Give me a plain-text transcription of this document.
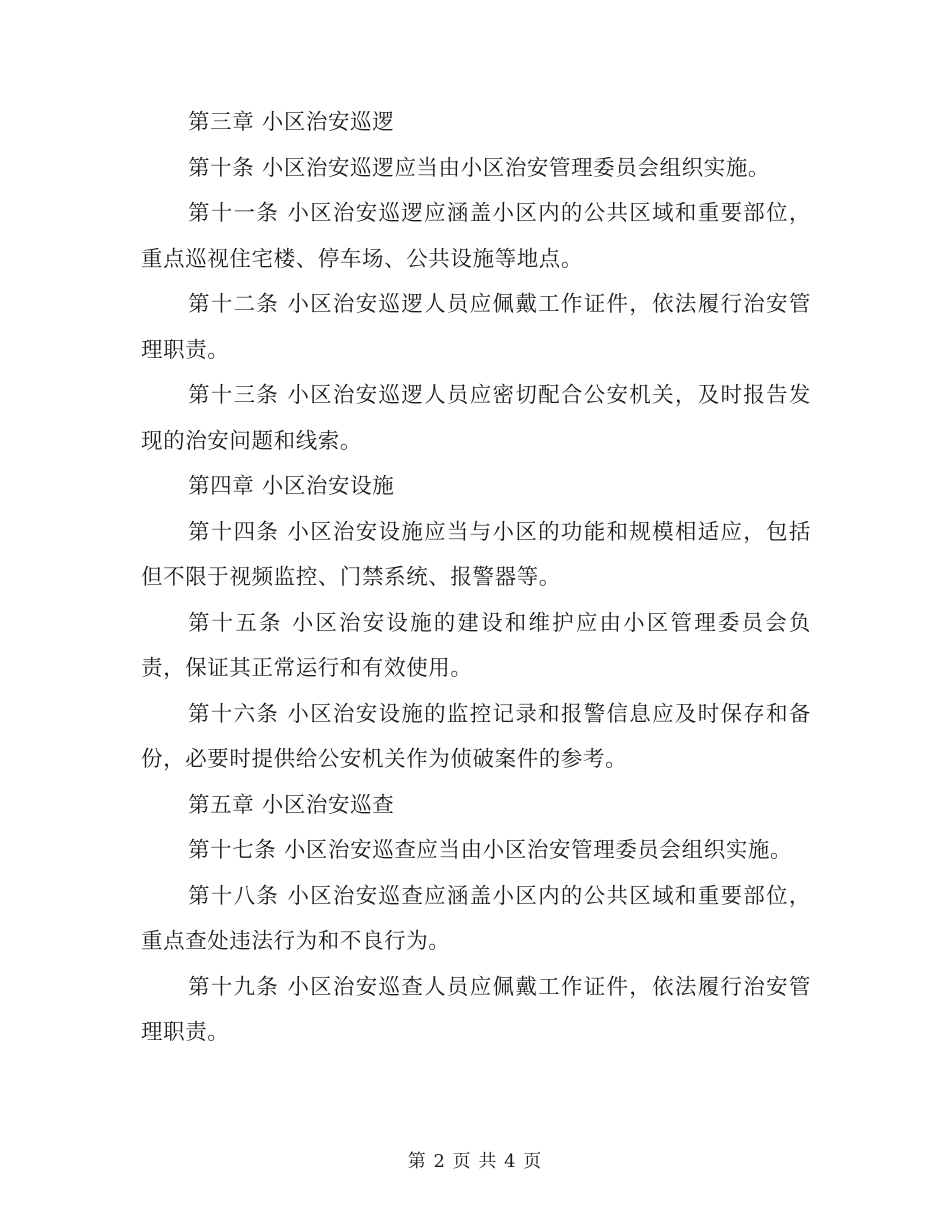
第三章 小区治安巡逻

第十条 小区治安巡逻应当由小区治安管理委员会组织实施。

第十一条 小区治安巡逻应涵盖小区内的公共区域和重要部位，重点巡视住宅楼、停车场、公共设施等地点。

第十二条 小区治安巡逻人员应佩戴工作证件，依法履行治安管理职责。

第十三条 小区治安巡逻人员应密切配合公安机关，及时报告发现的治安问题和线索。

第四章 小区治安设施

第十四条 小区治安设施应当与小区的功能和规模相适应，包括但不限于视频监控、门禁系统、报警器等。

第十五条 小区治安设施的建设和维护应由小区管理委员会负责，保证其正常运行和有效使用。

第十六条 小区治安设施的监控记录和报警信息应及时保存和备份，必要时提供给公安机关作为侦破案件的参考。

第五章 小区治安巡查

第十七条 小区治安巡查应当由小区治安管理委员会组织实施。

第十八条 小区治安巡查应涵盖小区内的公共区域和重要部位，重点查处违法行为和不良行为。

第十九条 小区治安巡查人员应佩戴工作证件，依法履行治安管理职责。

第 2 页 共 4 页
